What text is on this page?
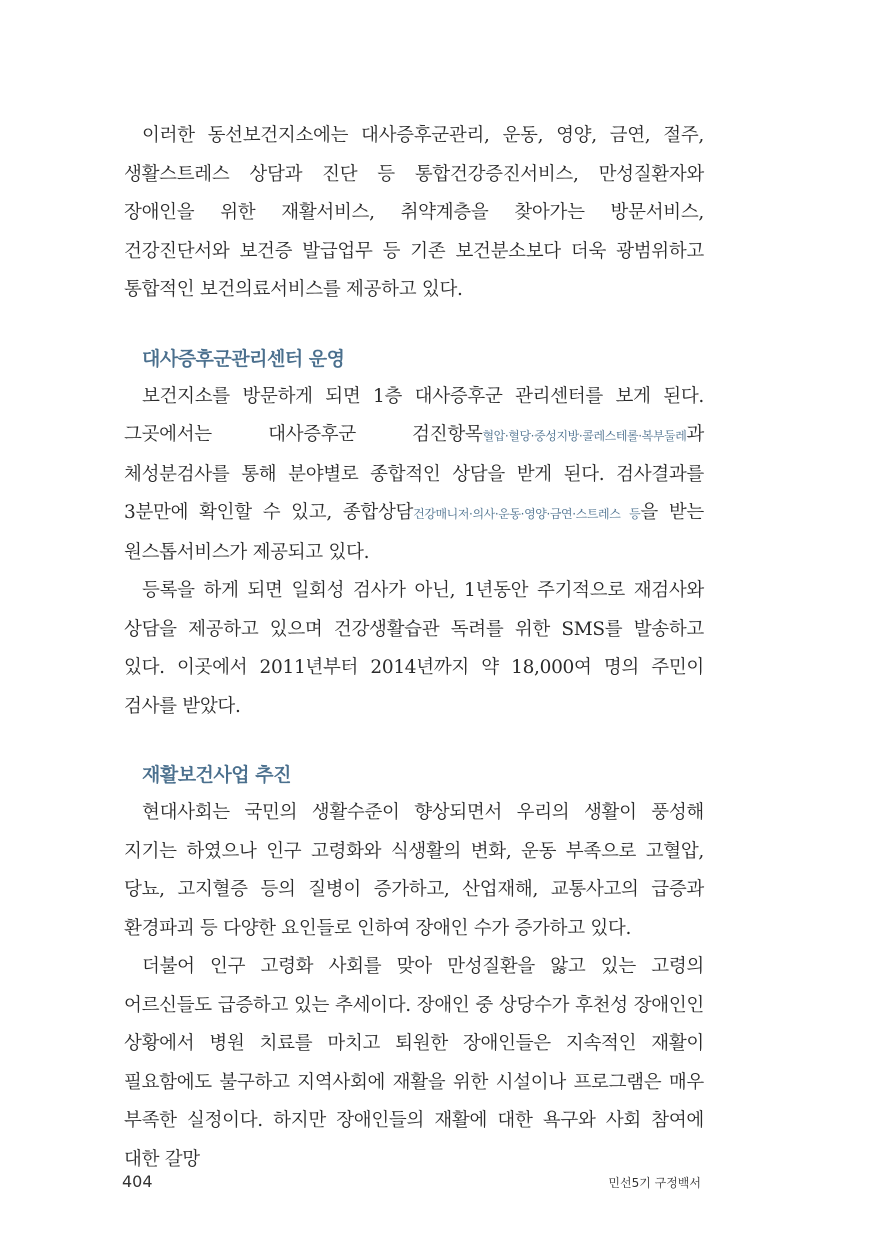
이러한 동선보건지소에는 대사증후군관리, 운동, 영양, 금연, 절주, 생활스트레스 상담과 진단 등 통합건강증진서비스, 만성질환자와 장애인을 위한 재활서비스, 취약계층을 찾아가는 방문서비스, 건강진단서와 보건증 발급업무 등 기존 보건분소보다 더욱 광범위하고 통합적인 보건의료서비스를 제공하고 있다.

대사증후군관리센터 운영

보건지소를 방문하게 되면 1층 대사증후군 관리센터를 보게 된다. 그곳에서는 대사증후군 검진항목혈압·혈당·중성지방·콜레스테롤·복부둘레과 체성분검사를 통해 분야별로 종합적인 상담을 받게 된다. 검사결과를 3분만에 확인할 수 있고, 종합상담건강매니저·의사·운동·영양·금연·스트레스 등을 받는 원스톱서비스가 제공되고 있다.

등록을 하게 되면 일회성 검사가 아닌, 1년동안 주기적으로 재검사와 상담을 제공하고 있으며 건강생활습관 독려를 위한 SMS를 발송하고 있다. 이곳에서 2011년부터 2014년까지 약 18,000여 명의 주민이 검사를 받았다.

재활보건사업 추진

현대사회는 국민의 생활수준이 향상되면서 우리의 생활이 풍성해 지기는 하였으나 인구 고령화와 식생활의 변화, 운동 부족으로 고혈압, 당뇨, 고지혈증 등의 질병이 증가하고, 산업재해, 교통사고의 급증과 환경파괴 등 다양한 요인들로 인하여 장애인 수가 증가하고 있다.

더불어 인구 고령화 사회를 맞아 만성질환을 앓고 있는 고령의 어르신들도 급증하고 있는 추세이다. 장애인 중 상당수가 후천성 장애인인 상황에서 병원 치료를 마치고 퇴원한 장애인들은 지속적인 재활이 필요함에도 불구하고 지역사회에 재활을 위한 시설이나 프로그램은 매우 부족한 실정이다. 하지만 장애인들의 재활에 대한 욕구와 사회 참여에 대한 갈망

404	민선5기 구정백서
